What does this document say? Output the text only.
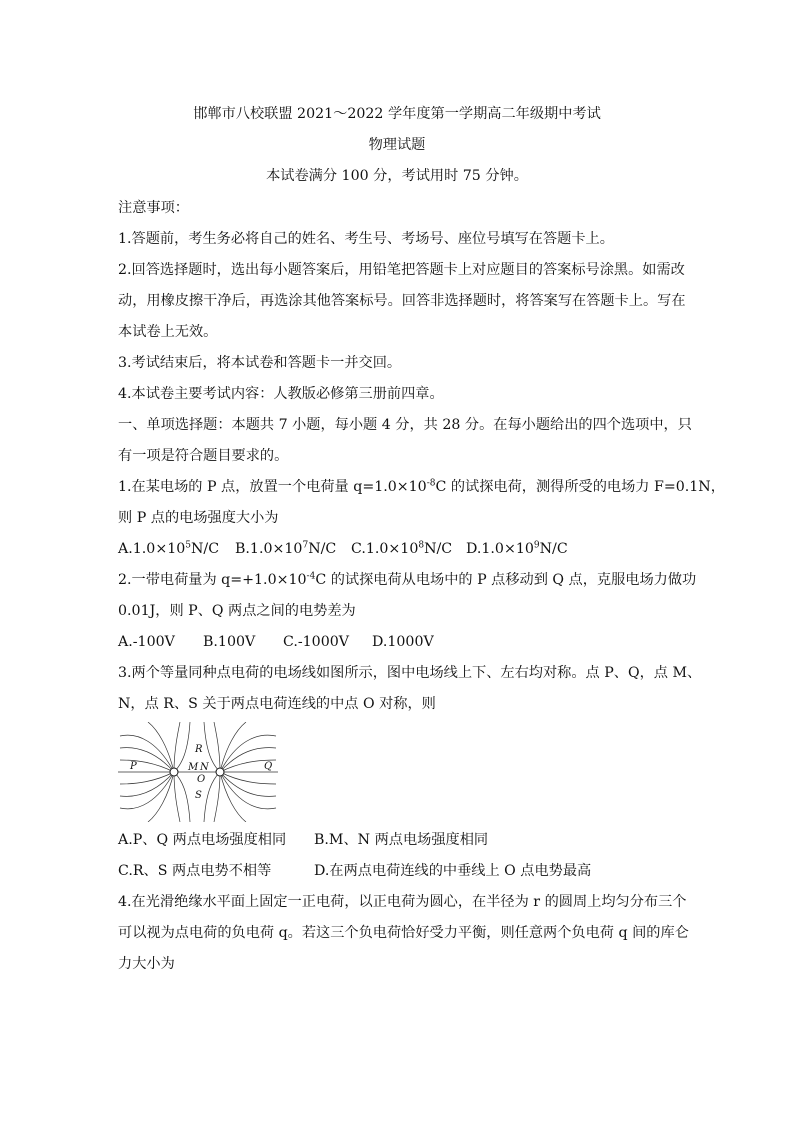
邯郸市八校联盟 2021～2022 学年度第一学期高二年级期中考试
物理试题
本试卷满分 100 分，考试用时 75 分钟。
注意事项：
1.答题前，考生务必将自己的姓名、考生号、考场号、座位号填写在答题卡上。
2.回答选择题时，选出每小题答案后，用铅笔把答题卡上对应题目的答案标号涂黑。如需改
动，用橡皮擦干净后，再选涂其他答案标号。回答非选择题时，将答案写在答题卡上。写在
本试卷上无效。
3.考试结束后，将本试卷和答题卡一并交回。
4.本试卷主要考试内容：人教版必修第三册前四章。
一、单项选择题：本题共 7 小题，每小题 4 分，共 28 分。在每小题给出的四个选项中，只
有一项是符合题目要求的。
1.在某电场的 P 点，放置一个电荷量 $q=1.0\times 10^{-8}C$ 的试探电荷，测得所受的电场力 F=0.1N，
则 P 点的电场强度大小为
$A.1.0\times 10^5N/C$	$B.1.0\times 10^7N/C$	$C.1.0\times 10^8N/C$ $D.1.0\times 10^9N/C$
2.一带电荷量为 $q=+1.0\times 10^{-4}C$ 的试探电荷从电场中的 P 点移动到 Q 点，克服电场力做功
0.01J，则 P、Q 两点之间的电势差为
A.-100V	B.100V	C.-1000V	D.1000V
3.两个等量同种点电荷的电场线如图所示，图中电场线上下、左右均对称。点 P、Q，点 M、
N，点 R、S 关于两点电荷连线的中点 O 对称，则
P	Q
M N
R
S
O
A.P、Q 两点电场强度相同	B.M、N 两点电场强度相同
C.R、S 两点电势不相等	D.在两点电荷连线的中垂线上 O 点电势最高
4.在光滑绝缘水平面上固定一正电荷，以正电荷为圆心，在半径为 r 的圆周上均匀分布三个
可以视为点电荷的负电荷 q。若这三个负电荷恰好受力平衡，则任意两个负电荷 q 间的库仑
力大小为
